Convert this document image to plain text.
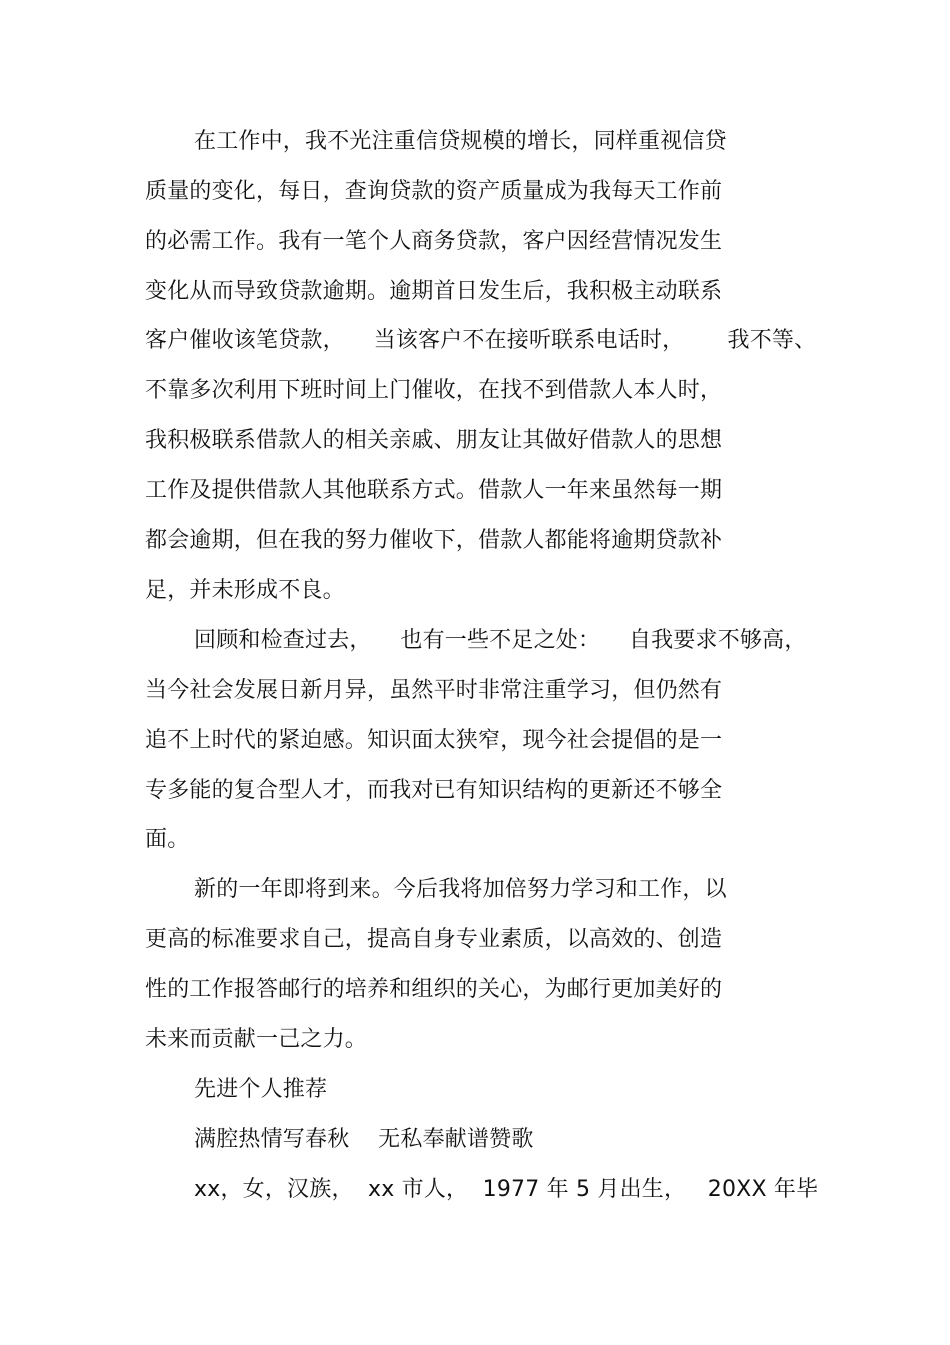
在工作中，我不光注重信贷规模的增长，同样重视信贷
质量的变化，每日，查询贷款的资产质量成为我每天工作前
的必需工作。我有一笔个人商务贷款，客户因经营情况发生
变化从而导致贷款逾期。逾期首日发生后，我积极主动联系
客户催收该笔贷款，    当该客户不在接听联系电话时，      我不等、
不靠多次利用下班时间上门催收，在找不到借款人本人时，
我积极联系借款人的相关亲戚、朋友让其做好借款人的思想
工作及提供借款人其他联系方式。借款人一年来虽然每一期
都会逾期，但在我的努力催收下，借款人都能将逾期贷款补
足，并未形成不良。
回顾和检查过去，    也有一些不足之处：    自我要求不够高，
当今社会发展日新月异，虽然平时非常注重学习，但仍然有
追不上时代的紧迫感。知识面太狭窄，现今社会提倡的是一
专多能的复合型人才，而我对已有知识结构的更新还不够全
面。
新的一年即将到来。今后我将加倍努力学习和工作，以
更高的标准要求自己，提高自身专业素质，以高效的、创造
性的工作报答邮行的培养和组织的关心，为邮行更加美好的
未来而贡献一己之力。
先进个人推荐
满腔热情写春秋    无私奉献谱赞歌
xx，女，汉族，  xx 市人，  1977 年 5 月出生，   20XX 年毕
